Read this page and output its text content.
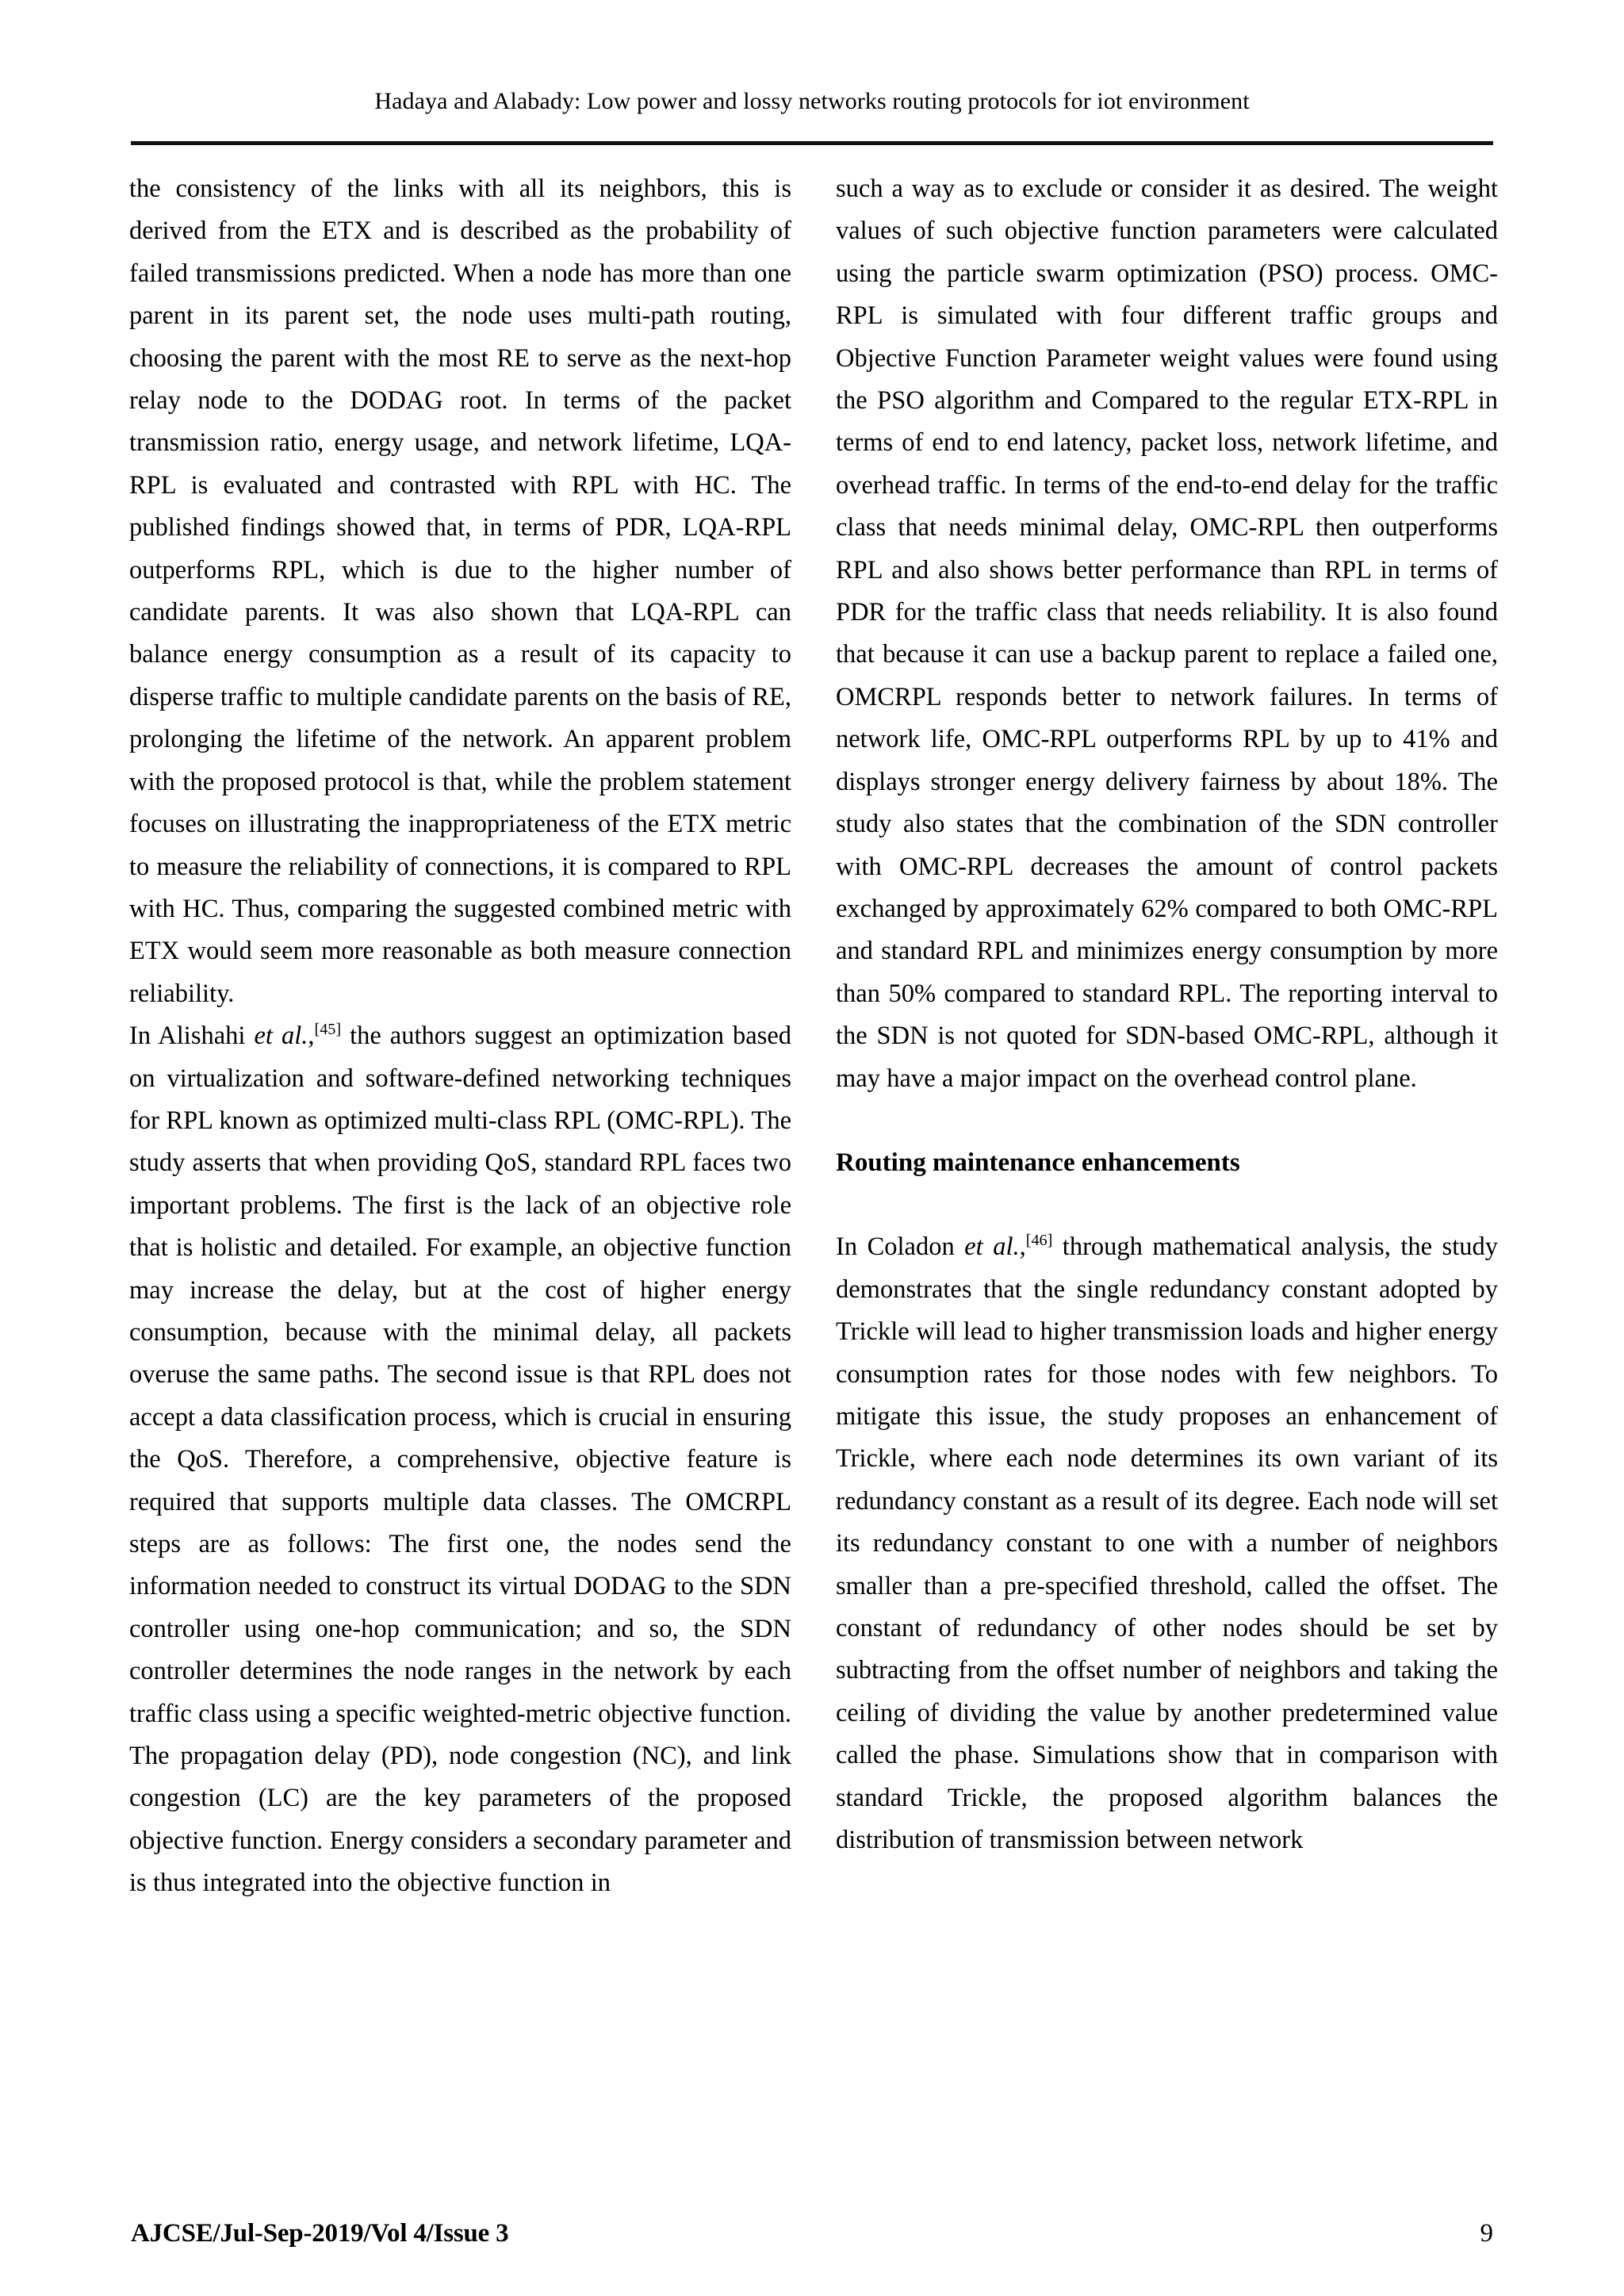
Hadaya and Alabady: Low power and lossy networks routing protocols for iot environment

the consistency of the links with all its neighbors, this is derived from the ETX and is described as the probability of failed transmissions predicted. When a node has more than one parent in its parent set, the node uses multi-path routing, choosing the parent with the most RE to serve as the next-hop relay node to the DODAG root. In terms of the packet transmission ratio, energy usage, and network lifetime, LQA-RPL is evaluated and contrasted with RPL with HC. The published findings showed that, in terms of PDR, LQA-RPL outperforms RPL, which is due to the higher number of candidate parents. It was also shown that LQA-RPL can balance energy consumption as a result of its capacity to disperse traffic to multiple candidate parents on the basis of RE, prolonging the lifetime of the network. An apparent problem with the proposed protocol is that, while the problem statement focuses on illustrating the inappropriateness of the ETX metric to measure the reliability of connections, it is compared to RPL with HC. Thus, comparing the suggested combined metric with ETX would seem more reasonable as both measure connection reliability.

In Alishahi et al.,[45] the authors suggest an optimization based on virtualization and software-defined networking techniques for RPL known as optimized multi-class RPL (OMC-RPL). The study asserts that when providing QoS, standard RPL faces two important problems. The first is the lack of an objective role that is holistic and detailed. For example, an objective function may increase the delay, but at the cost of higher energy consumption, because with the minimal delay, all packets overuse the same paths. The second issue is that RPL does not accept a data classification process, which is crucial in ensuring the QoS. Therefore, a comprehensive, objective feature is required that supports multiple data classes. The OMCRPL steps are as follows: The first one, the nodes send the information needed to construct its virtual DODAG to the SDN controller using one-hop communication; and so, the SDN controller determines the node ranges in the network by each traffic class using a specific weighted-metric objective function. The propagation delay (PD), node congestion (NC), and link congestion (LC) are the key parameters of the proposed objective function. Energy considers a secondary parameter and is thus integrated into the objective function in

such a way as to exclude or consider it as desired. The weight values of such objective function parameters were calculated using the particle swarm optimization (PSO) process. OMC-RPL is simulated with four different traffic groups and Objective Function Parameter weight values were found using the PSO algorithm and Compared to the regular ETX-RPL in terms of end to end latency, packet loss, network lifetime, and overhead traffic. In terms of the end-to-end delay for the traffic class that needs minimal delay, OMC-RPL then outperforms RPL and also shows better performance than RPL in terms of PDR for the traffic class that needs reliability. It is also found that because it can use a backup parent to replace a failed one, OMCRPL responds better to network failures. In terms of network life, OMC-RPL outperforms RPL by up to 41% and displays stronger energy delivery fairness by about 18%. The study also states that the combination of the SDN controller with OMC-RPL decreases the amount of control packets exchanged by approximately 62% compared to both OMC-RPL and standard RPL and minimizes energy consumption by more than 50% compared to standard RPL. The reporting interval to the SDN is not quoted for SDN-based OMC-RPL, although it may have a major impact on the overhead control plane.

Routing maintenance enhancements

In Coladon et al.,[46] through mathematical analysis, the study demonstrates that the single redundancy constant adopted by Trickle will lead to higher transmission loads and higher energy consumption rates for those nodes with few neighbors. To mitigate this issue, the study proposes an enhancement of Trickle, where each node determines its own variant of its redundancy constant as a result of its degree. Each node will set its redundancy constant to one with a number of neighbors smaller than a pre-specified threshold, called the offset. The constant of redundancy of other nodes should be set by subtracting from the offset number of neighbors and taking the ceiling of dividing the value by another predetermined value called the phase. Simulations show that in comparison with standard Trickle, the proposed algorithm balances the distribution of transmission between network

AJCSE/Jul-Sep-2019/Vol 4/Issue 3	9
